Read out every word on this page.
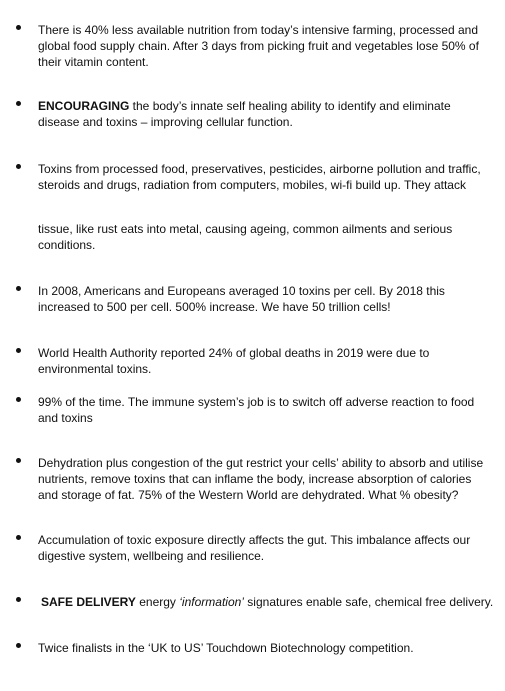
There is 40% less available nutrition from today’s intensive farming, processed and
global food supply chain. After 3 days from picking fruit and vegetables lose 50% of
their vitamin content.
ENCOURAGING the body’s innate self healing ability to identify and eliminate
disease and toxins – improving cellular function.
Toxins from processed food, preservatives, pesticides, airborne pollution and traffic,
steroids and drugs, radiation from computers, mobiles, wi-fi build up. They attack
tissue, like rust eats into metal, causing ageing, common ailments and serious
conditions.
In 2008, Americans and Europeans averaged 10 toxins per cell. By 2018 this
increased to 500 per cell. 500% increase. We have 50 trillion cells!
World Health Authority reported 24% of global deaths in 2019 were due to
environmental toxins.
99% of the time. The immune system’s job is to switch off adverse reaction to food
and toxins
Dehydration plus congestion of the gut restrict your cells’ ability to absorb and utilise
nutrients, remove toxins that can inflame the body, increase absorption of calories
and storage of fat. 75% of the Western World are dehydrated. What % obesity?
Accumulation of toxic exposure directly affects the gut. This imbalance affects our
digestive system, wellbeing and resilience.
SAFE DELIVERY energy ‘information’ signatures enable safe, chemical free delivery.
Twice finalists in the ‘UK to US’ Touchdown Biotechnology competition.
